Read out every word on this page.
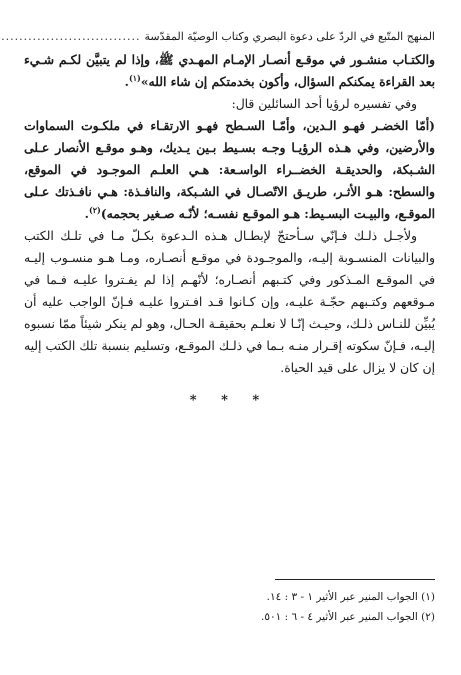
المنهج المتّبع في الردّ على دعوة البصري وكتاب الوصيّة المقدّسة
...............................

والكتـاب منشـور في موقـع أنصـار الإمـام المهـدي ﷺ، وإذا لم يتبيَّن لكـم شـيء بعد القراءة يمكنكم السؤال، وأكون بخدمتكم إن شاء الله»$^{(١)}$.

وفي تفسيره لرؤيا أحد السائلين قال:

(أمّا الخضـر فهـو الـدين، وأمّـا السـطح فهـو الارتقـاء في ملكـوت السماوات والأرضين، وفي هـذه الرؤيـا وجـه بسـيط بـين يـديك، وهـو موقـع الأنصار عـلى الشـبكة، والحديقـة الخضــراء الواسـعة: هـي العلـم الموجـود في الموقع، والسطح: هـو الأثـر، طريـق الاتّصـال في الشـبكة، والنافـذة: هـي نافـذتك عـلى الموقـع، والبيـت البسـيط: هـو الموقـع نفسـه؛ لأنّـه صـغير بحجمه)$^{(٢)}$.

ولأجـل ذلـك فـإنّي سـأحتجّ لإبطـال هـذه الـدعوة بكـلّ مـا في تلـك الكتب والبيانات المنسـوبة إليـه، والموجـودة في موقـع أنصـاره، ومـا هـو منسـوب إليـه في الموقـع المـذكور وفي كتـبهم أنصـاره؛ لأنّهـم إذا لم يفـتروا عليـه فـما في مـوقعهم وكتـبهم حجّـة عليـه، وإن كـانوا قـد افـتروا عليـه فـإنّ الواجب عليه أن يُبيِّن للنـاس ذلـك، وحيـث إنّـا لا نعلـم بحقيقـة الحـال، وهو لم ينكر شيئاً ممّا نسبوه إليـه، فـإنّ سكوته إقـرار منـه بـما في ذلـك الموقـع، وتسليم بنسبة تلك الكتب إليه إن كان لا يزال على قيد الحياة.

* * *
(١) الجواب المنير عبر الأثير ١ - ٣ : ١٤.
(٢) الجواب المنير عبر الأثير ٤ - ٦ : ٥٠١.
